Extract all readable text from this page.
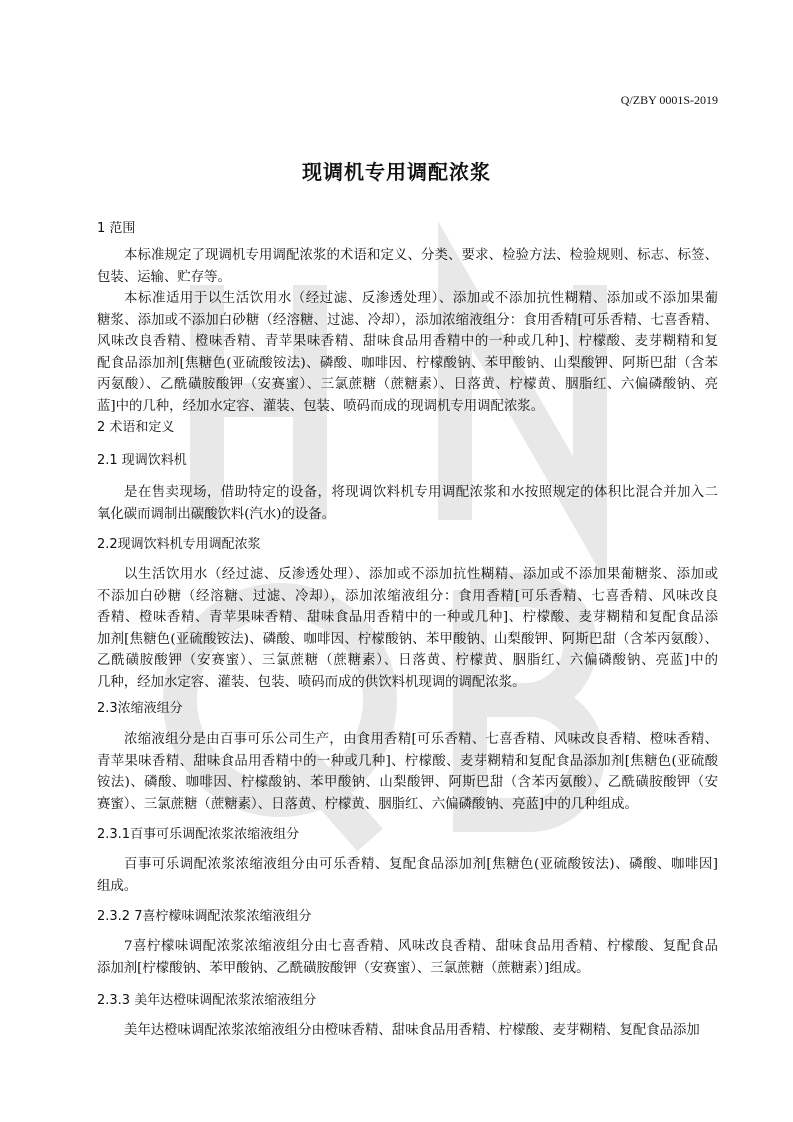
Q/ZBY 0001S-2019
现调机专用调配浓浆
1 范围
本标准规定了现调机专用调配浓浆的术语和定义、分类、要求、检验方法、检验规则、标志、标签、
包装、运输、贮存等。
本标准适用于以生活饮用水（经过滤、反渗透处理）、添加或不添加抗性糊精、添加或不添加果葡
糖浆、添加或不添加白砂糖（经溶糖、过滤、冷却），添加浓缩液组分：食用香精[可乐香精、七喜香精、
风味改良香精、橙味香精、青苹果味香精、甜味食品用香精中的一种或几种]、柠檬酸、麦芽糊精和复
配食品添加剂[焦糖色(亚硫酸铵法)、磷酸、咖啡因、柠檬酸钠、苯甲酸钠、山梨酸钾、阿斯巴甜（含苯
丙氨酸）、乙酰磺胺酸钾（安赛蜜）、三氯蔗糖（蔗糖素）、日落黄、柠檬黄、胭脂红、六偏磷酸钠、亮
蓝]中的几种，经加水定容、灌装、包装、喷码而成的现调机专用调配浓浆。
2 术语和定义
2.1 现调饮料机
是在售卖现场，借助特定的设备，将现调饮料机专用调配浓浆和水按照规定的体积比混合并加入二
氧化碳而调制出碳酸饮料(汽水)的设备。
2.2现调饮料机专用调配浓浆
以生活饮用水（经过滤、反渗透处理）、添加或不添加抗性糊精、添加或不添加果葡糖浆、添加或
不添加白砂糖（经溶糖、过滤、冷却），添加浓缩液组分：食用香精[可乐香精、七喜香精、风味改良
香精、橙味香精、青苹果味香精、甜味食品用香精中的一种或几种]、柠檬酸、麦芽糊精和复配食品添
加剂[焦糖色(亚硫酸铵法)、磷酸、咖啡因、柠檬酸钠、苯甲酸钠、山梨酸钾、阿斯巴甜（含苯丙氨酸）、
乙酰磺胺酸钾（安赛蜜）、三氯蔗糖（蔗糖素）、日落黄、柠檬黄、胭脂红、六偏磷酸钠、亮蓝]中的
几种，经加水定容、灌装、包装、喷码而成的供饮料机现调的调配浓浆。
2.3浓缩液组分
浓缩液组分是由百事可乐公司生产，由食用香精[可乐香精、七喜香精、风味改良香精、橙味香精、
青苹果味香精、甜味食品用香精中的一种或几种]、柠檬酸、麦芽糊精和复配食品添加剂[焦糖色(亚硫酸
铵法)、磷酸、咖啡因、柠檬酸钠、苯甲酸钠、山梨酸钾、阿斯巴甜（含苯丙氨酸）、乙酰磺胺酸钾（安
赛蜜）、三氯蔗糖（蔗糖素）、日落黄、柠檬黄、胭脂红、六偏磷酸钠、亮蓝]中的几种组成。
2.3.1百事可乐调配浓浆浓缩液组分
百事可乐调配浓浆浓缩液组分由可乐香精、复配食品添加剂[焦糖色(亚硫酸铵法)、磷酸、咖啡因]
组成。
2.3.2 7喜柠檬味调配浓浆浓缩液组分
7喜柠檬味调配浓浆浓缩液组分由七喜香精、风味改良香精、甜味食品用香精、柠檬酸、复配食品
添加剂[柠檬酸钠、苯甲酸钠、乙酰磺胺酸钾（安赛蜜）、三氯蔗糖（蔗糖素）]组成。
2.3.3 美年达橙味调配浓浆浓缩液组分
美年达橙味调配浓浆浓缩液组分由橙味香精、甜味食品用香精、柠檬酸、麦芽糊精、复配食品添加
